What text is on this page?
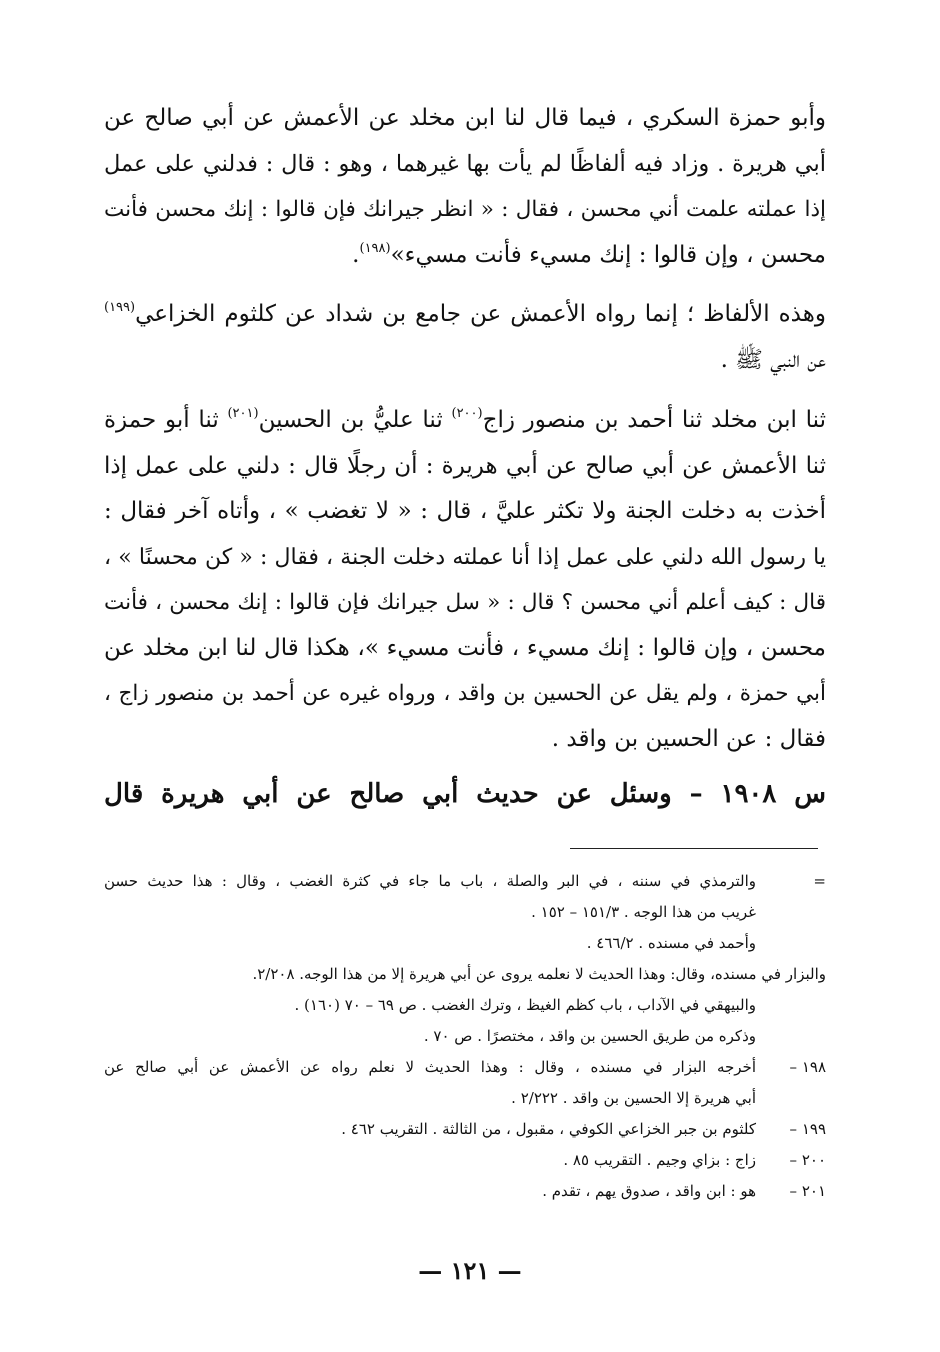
وأبو حمزة السكري ، فيما قال لنا ابن مخلد عن الأعمش عن أبي صالح عن
أبي هريرة . وزاد فيه ألفاظًا لم يأت بها غيرهما ، وهو : قال : فدلني على عمل
إذا عملته علمت أني محسن ، فقال : « انظر جيرانك فإن قالوا : إنك محسن فأنت
محسن ، وإن قالوا : إنك مسيء فأنت مسيء»$^{(١٩٨)}$.
وهذه الألفاظ ؛ إنما رواه الأعمش عن جامع بن شداد عن كلثوم الخزاعي$^{(١٩٩)}$
عن النبي ﷺ .
ثنا ابن مخلد ثنا أحمد بن منصور زاج$^{(٢٠٠)}$ ثنا عليُّ بن الحسين$^{(٢٠١)}$ ثنا أبو حمزة
ثنا الأعمش عن أبي صالح عن أبي هريرة : أن رجلًا قال : دلني على عمل إذا
أخذت به دخلت الجنة ولا تكثر عليَّ ، قال : « لا تغضب » ، وأتاه آخر فقال :
يا رسول الله دلني على عمل إذا أنا عملته دخلت الجنة ، فقال : « كن محسنًا » ،
قال : كيف أعلم أني محسن ؟ قال : « سل جيرانك فإن قالوا : إنك محسن ، فأنت
محسن ، وإن قالوا : إنك مسيء ، فأنت مسيء »، هكذا قال لنا ابن مخلد عن
أبي حمزة ، ولم يقل عن الحسين بن واقد ، ورواه غيره عن أحمد بن منصور زاج ،
فقال : عن الحسين بن واقد .
س ١٩٠٨ – وسئل عن حديث أبي صالح عن أبي هريرة قال
=
والترمذي في سننه ، في البر والصلة ، باب ما جاء في كثرة الغضب ، وقال : هذا حديث حسن
غريب من هذا الوجه . ١٥١/٣ – ١٥٢ .
وأحمد في مسنده . ٤٦٦/٢ .
والبزار في مسنده، وقال: وهذا الحديث لا نعلمه يروى عن أبي هريرة إلا من هذا الوجه. ٢/٢٠٨.
والبيهقي في الآداب ، باب كظم الغيظ ، وترك الغضب . ص ٦٩ – ٧٠ (١٦٠) .
وذكره من طريق الحسين بن واقد ، مختصرًا . ص ٧٠ .
١٩٨ –
أخرجه البزار في مسنده ، وقال : وهذا الحديث لا نعلم رواه عن الأعمش عن أبي صالح عن
أبي هريرة إلا الحسين بن واقد . ٢/٢٢٢ .
١٩٩ –
كلثوم بن جبر الخزاعي الكوفي ، مقبول ، من الثالثة . التقريب ٤٦٢ .
٢٠٠ –
زاج : بزاي وجيم . التقريب ٨٥ .
٢٠١ –
هو : ابن واقد ، صدوق يهم ، تقدم .
— ١٢١ —
